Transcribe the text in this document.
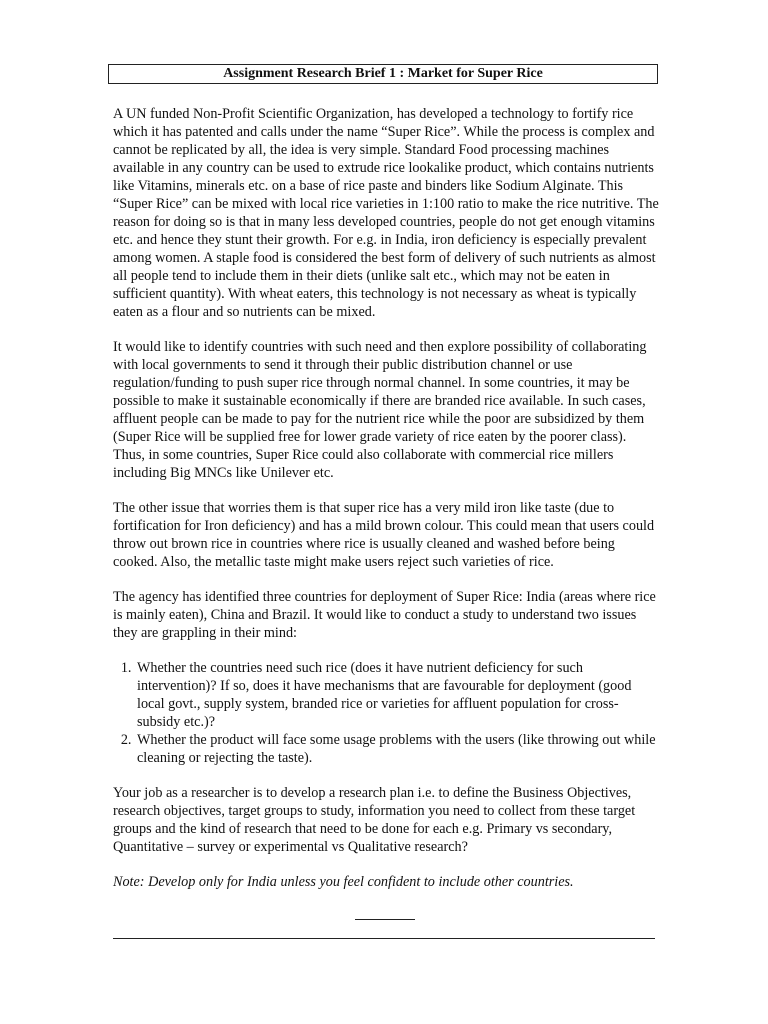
Assignment Research Brief 1 : Market for Super Rice

A UN funded Non-Profit Scientific Organization, has developed a technology to fortify rice which it has patented and calls under the name “Super Rice”. While the process is complex and cannot be replicated by all, the idea is very simple. Standard Food processing machines available in any country can be used to extrude rice lookalike product, which contains nutrients like Vitamins, minerals etc. on a base of rice paste and binders like Sodium Alginate. This “Super Rice” can be mixed with local rice varieties in 1:100 ratio to make the rice nutritive. The reason for doing so is that in many less developed countries, people do not get enough vitamins etc. and hence they stunt their growth. For e.g. in India, iron deficiency is especially prevalent among women. A staple food is considered the best form of delivery of such nutrients as almost all people tend to include them in their diets (unlike salt etc., which may not be eaten in sufficient quantity). With wheat eaters, this technology is not necessary as wheat is typically eaten as a flour and so nutrients can be mixed.

It would like to identify countries with such need and then explore possibility of collaborating with local governments to send it through their public distribution channel or use regulation/funding to push super rice through normal channel. In some countries, it may be possible to make it sustainable economically if there are branded rice available. In such cases, affluent people can be made to pay for the nutrient rice while the poor are subsidized by them (Super Rice will be supplied free for lower grade variety of rice eaten by the poorer class). Thus, in some countries, Super Rice could also collaborate with commercial rice millers including Big MNCs like Unilever etc.

The other issue that worries them is that super rice has a very mild iron like taste (due to fortification for Iron deficiency) and has a mild brown colour. This could mean that users could throw out brown rice in countries where rice is usually cleaned and washed before being cooked. Also, the metallic taste might make users reject such varieties of rice.

The agency has identified three countries for deployment of Super Rice: India (areas where rice is mainly eaten), China and Brazil. It would like to conduct a study to understand two issues they are grappling in their mind:

1. Whether the countries need such rice (does it have nutrient deficiency for such intervention)? If so, does it have mechanisms that are favourable for deployment (good local govt., supply system, branded rice or varieties for affluent population for cross-subsidy etc.)?
2. Whether the product will face some usage problems with the users (like throwing out while cleaning or rejecting the taste).

Your job as a researcher is to develop a research plan i.e. to define the Business Objectives, research objectives, target groups to study, information you need to collect from these target groups and the kind of research that need to be done for each e.g. Primary vs secondary, Quantitative – survey or experimental vs Qualitative research?

Note: Develop only for India unless you feel confident to include other countries.
